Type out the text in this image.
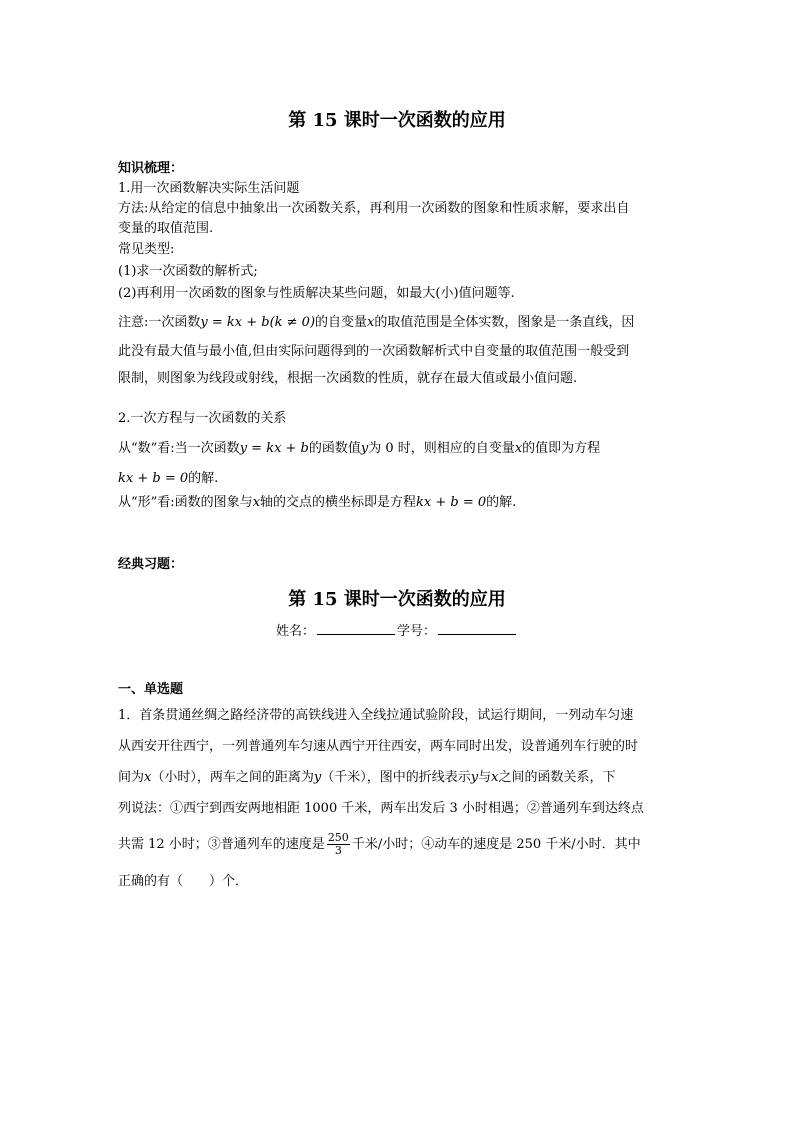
第 15 课时一次函数的应用
知识梳理：
1.用一次函数解决实际生活问题
方法:从给定的信息中抽象出一次函数关系，再利用一次函数的图象和性质求解，要求出自
变量的取值范围.
常见类型:
(1)求一次函数的解析式;
(2)再利用一次函数的图象与性质解决某些问题，如最大(小)值问题等.
注意:一次函数y = kx + b(k ≠ 0)的自变量x的取值范围是全体实数，图象是一条直线，因
此没有最大值与最小值,但由实际问题得到的一次函数解析式中自变量的取值范围一般受到
限制，则图象为线段或射线，根据一次函数的性质，就存在最大值或最小值问题.
2.一次方程与一次函数的关系
从“数”看:当一次函数y = kx + b的函数值y为 0 时，则相应的自变量x的值即为方程
kx + b = 0的解.
从“形”看:函数的图象与x轴的交点的横坐标即是方程kx + b = 0的解.
经典习题：
第 15 课时一次函数的应用
姓名：	学号：
一、单选题
1．首条贯通丝绸之路经济带的高铁线进入全线拉通试验阶段，试运行期间，一列动车匀速
从西安开往西宁，一列普通列车匀速从西宁开往西安，两车同时出发，设普通列车行驶的时
间为x（小时），两车之间的距离为y（千米），图中的折线表示y与x之间的函数关系，下
列说法：①西宁到西安两地相距 1000 千米，两车出发后 3 小时相遇；②普通列车到达终点
共需 12 小时；③普通列车的速度是 $\frac{250}{3}$ 千米/小时；④动车的速度是 250 千米/小时．其中
正确的有（　　）个．
